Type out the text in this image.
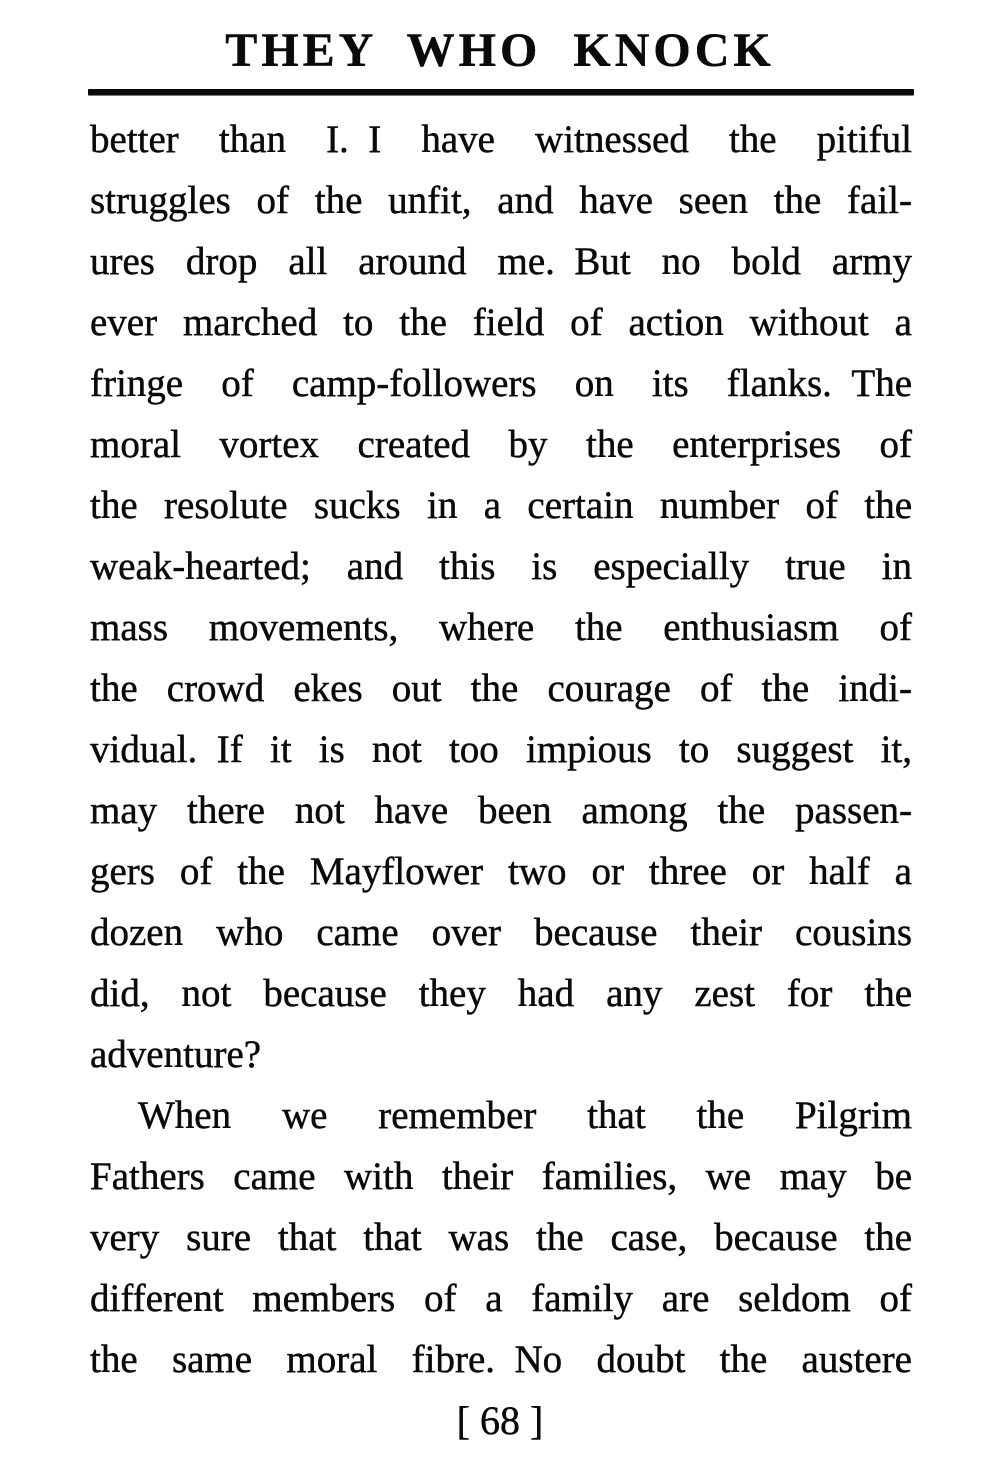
THEY WHO KNOCK
better than I. I have witnessed the pitiful
struggles of the unfit, and have seen the fail-
ures drop all around me. But no bold army
ever marched to the field of action without a
fringe of camp-followers on its flanks. The
moral vortex created by the enterprises of
the resolute sucks in a certain number of the
weak-hearted; and this is especially true in
mass movements, where the enthusiasm of
the crowd ekes out the courage of the indi-
vidual. If it is not too impious to suggest it,
may there not have been among the passen-
gers of the Mayflower two or three or half a
dozen who came over because their cousins
did, not because they had any zest for the
adventure?
When we remember that the Pilgrim
Fathers came with their families, we may be
very sure that that was the case, because the
different members of a family are seldom of
the same moral fibre. No doubt the austere
[ 68 ]
